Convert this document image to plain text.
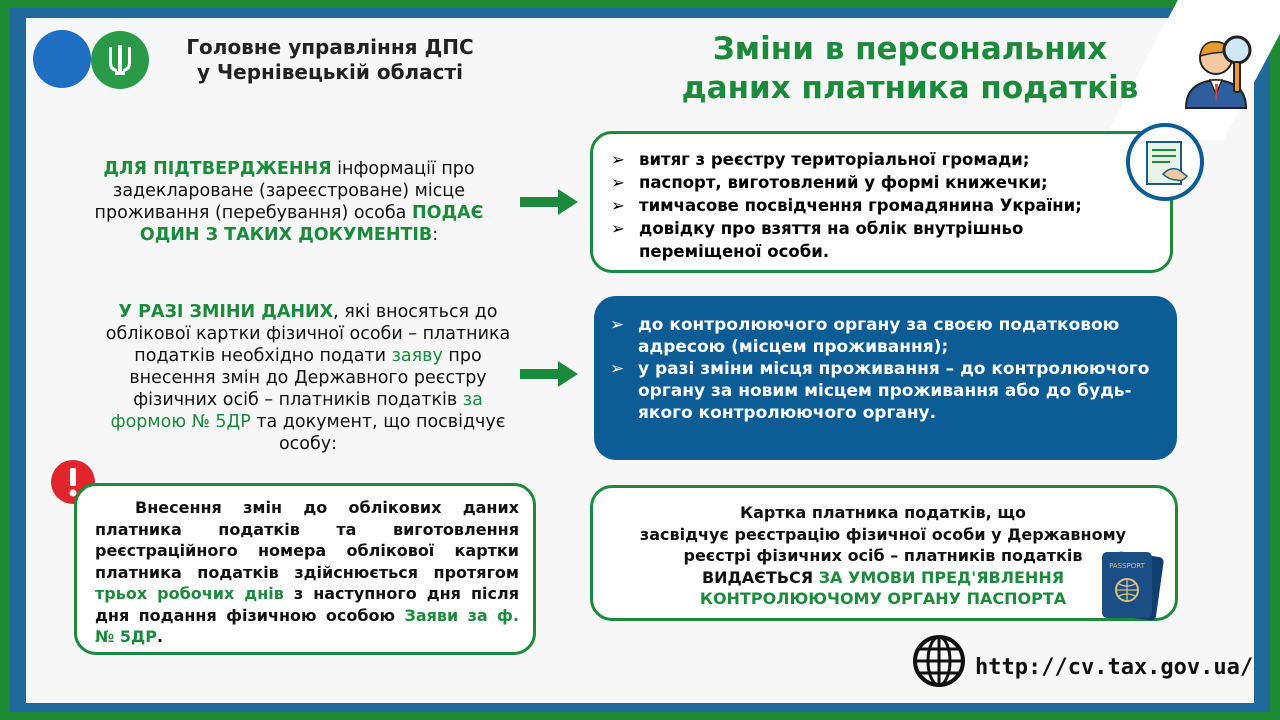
Головне управління ДПС
у Чернівецькій області
Зміни в персональних
даних платника податків
ДЛЯ ПІДТВЕРДЖЕННЯ інформації про задекларованe (зареєстроване) місце проживання (перебування) особа ПОДАЄ ОДИН З ТАКИХ ДОКУМЕНТІВ:
➢ витяг з реєстру територіальної громади;
➢ паспорт, виготовлений у формі книжечки;
➢ тимчасове посвідчення громадянина України;
➢ довідку про взяття на облік внутрішньо переміщеної особи.
У РАЗІ ЗМІНИ ДАНИХ, які вносяться до облікової картки фізичної особи – платника податків необхідно подати заяву про внесення змін до Державного реєстру фізичних осіб – платників податків за формою № 5ДР та документ, що посвідчує особу:
➢ до контролюючого органу за своєю податковою адресою (місцем проживання);
➢ у разі зміни місця проживання – до контролюючого органу за новим місцем проживання або до будь-якого контролюючого органу.
Внесення змін до облікових даних платника податків та виготовлення реєстраційного номера облікової картки платника податків здійснюється протягом трьох робочих днів з наступного дня після дня подання фізичною особою Заяви за ф. № 5ДР.
Картка платника податків, що
засвідчує реєстрацію фізичної особи у Державному
реєстрі фізичних осіб – платників податків
ВИДАЄТЬСЯ ЗА УМОВИ ПРЕД'ЯВЛЕННЯ
КОНТРОЛЮЮЧОМУ ОРГАНУ ПАСПОРТА
PASSPORT
http://cv.tax.gov.ua/
